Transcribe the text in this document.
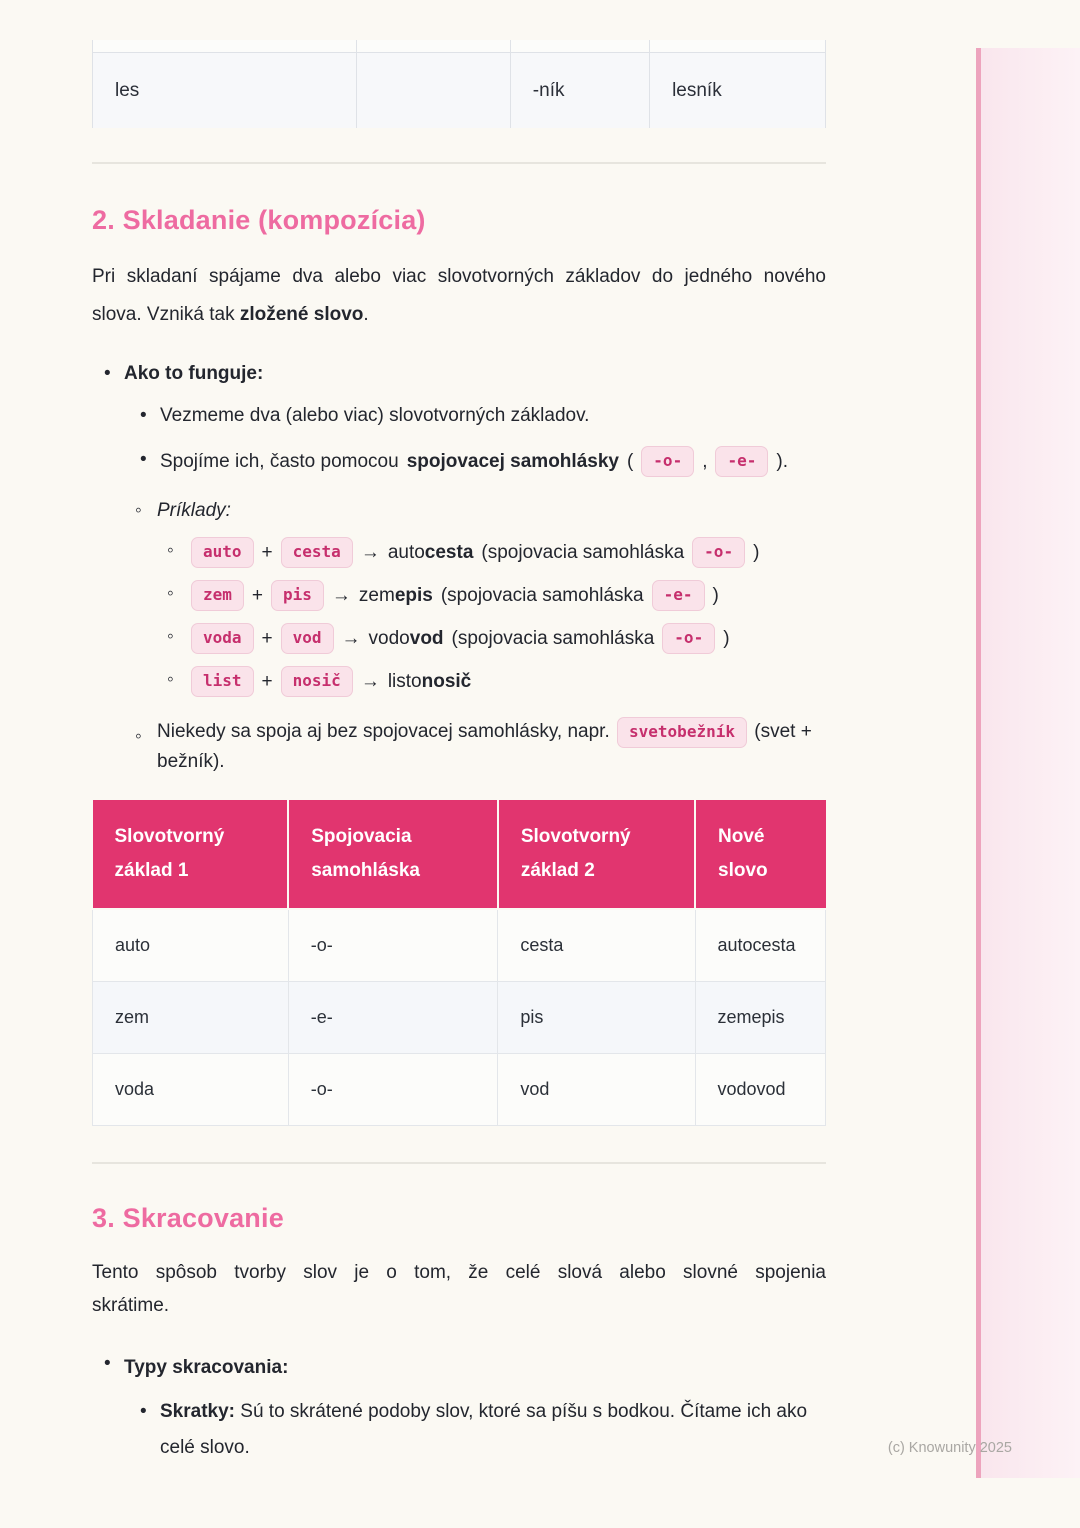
les		-ník	lesník
2. Skladanie (kompozícia)

Pri skladaní spájame dva alebo viac slovotvorných základov do jedného nového
slova. Vzniká tak zložené slovo.

•
Ako to funguje:
•
Vezmeme dva (alebo viac) slovotvorných základov.
•
Spojíme ich, často pomocou spojovacej samohlásky (	-o-	,	-e-	).
◦
Príklady:
◦
auto	+	cesta	→ autocesta (spojovacia samohláska	-o-	)
◦
zem	+	pis	→ zemepis (spojovacia samohláska	-e-	)
◦
voda	+	vod	→ vodovod (spojovacia samohláska	-o-	)
◦
list	+	nosič	→ listonosič
◦
Niekedy sa spoja aj bez spojovacej samohlásky, napr. svetobežník (svet + bežník).
Slovotvorný základ 1	Spojovacia samohláska	Slovotvorný základ 2	Nové slovo
auto	-o-	cesta	autocesta
zem	-e-	pis	zemepis
voda	-o-	vod	vodovod
3. Skracovanie

Tento spôsob tvorby slov je o tom, že celé slová alebo slovné spojenia
skrátime.

•
Typy skracovania:
•
Skratky: Sú to skrátené podoby slov, ktoré sa píšu s bodkou. Čítame ich ako celé slovo.	(c) Knowunity 2025
